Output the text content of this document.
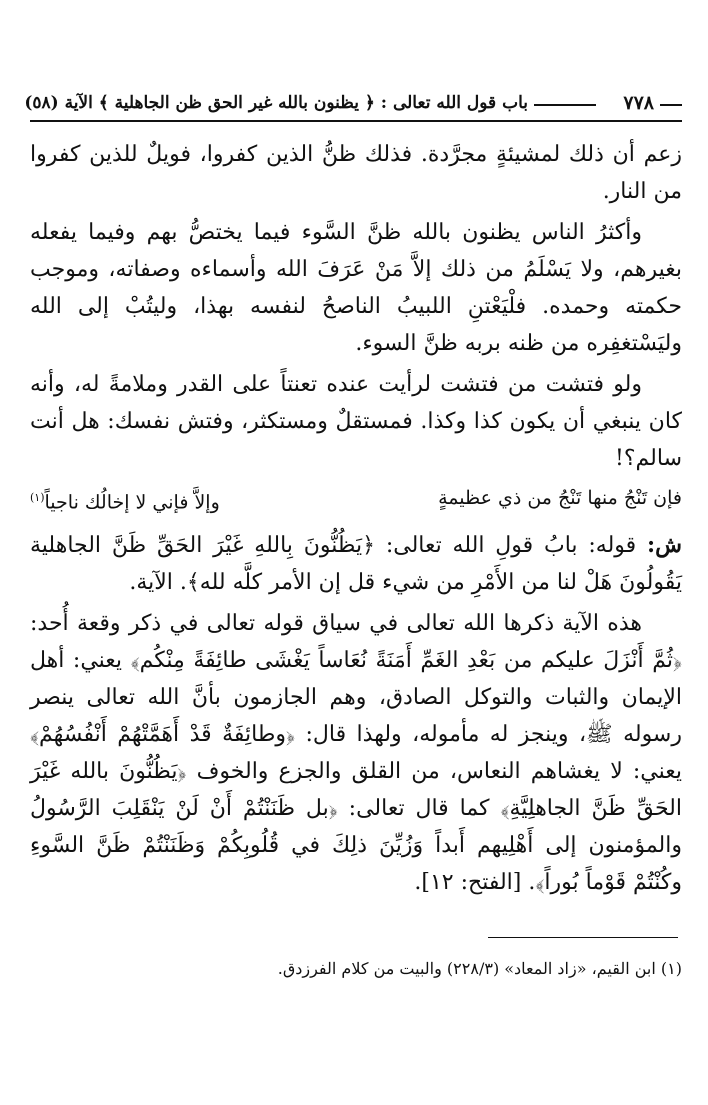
٧٧٨
باب قول الله تعالى : ﴿ يظنون بالله غير الحق ظن الجاهلية ﴾ الآية (٥٨)

زعم أن ذلك لمشيئةٍ مجرَّدة. فذلك ظنُّ الذين كفروا، فويلٌ للذين كفروا من النار.

وأكثرُ الناس يظنون بالله ظنَّ السَّوء فيما يختصُّ بهم وفيما يفعله بغيرهم، ولا يَسْلَمُ من ذلك إلاَّ مَنْ عَرَفَ الله وأسماءه وصفاته، وموجب حكمته وحمده. فلْيَعْتنِ اللبيبُ الناصحُ لنفسه بهذا، وليتُبْ إلى الله وليَسْتغفِره من ظنه بربه ظنَّ السوء.

ولو فتشت من فتشت لرأيت عنده تعنتاً على القدر وملامةً له، وأنه كان ينبغي أن يكون كذا وكذا. فمستقلٌ ومستكثر، وفتش نفسك: هل أنت سالم؟!

فإن تَنْجُ منها تَنْجُ من ذي عظيمةٍ
وإلاَّ فإني لا إخالُك ناجياً$^{(١)}$

ش: قوله: بابُ قولِ الله تعالى: ﴿يَظُنُّونَ بِاللهِ غَيْرَ الحَقِّ ظَنَّ الجاهلية يَقُولُونَ هَلْ لنا من الأَمْرِ من شيء قل إن الأمر كلَّه لله﴾. الآية.

هذه الآية ذكرها الله تعالى في سياق قوله تعالى في ذكر وقعة أُحد: ﴿ثُمَّ أَنْزَلَ عليكم من بَعْدِ الغَمِّ أَمَنَةً نُعَاساً يَغْشَى طائِفَةً مِنْكُم﴾ يعني: أهل الإيمان والثبات والتوكل الصادق، وهم الجازمون بأنَّ الله تعالى ينصر رسوله ﷺ، وينجز له مأموله، ولهذا قال: ﴿وطائِفَةٌ قَدْ أَهَمَّتْهُمْ أَنْفُسُهُمْ﴾ يعني: لا يغشاهم النعاس، من القلق والجزع والخوف ﴿يَظُنُّونَ بالله غَيْرَ الحَقِّ ظَنَّ الجاهلِيَّةِ﴾ كما قال تعالى: ﴿بل ظَنَنْتُمْ أَنْ لَنْ يَنْقَلِبَ الرَّسُولُ والمؤمنون إلى أَهْلِيهم أَبداً وَزُيِّنَ ذلِكَ في قُلُوبِكُمْ وَظَنَنْتُمْ ظَنَّ السَّوءِ وكُنْتُمْ قَوْماً بُوراً﴾. [الفتح: ١٢].

(١) ابن القيم، «زاد المعاد» (٢٢٨/٣) والبيت من كلام الفرزدق.
